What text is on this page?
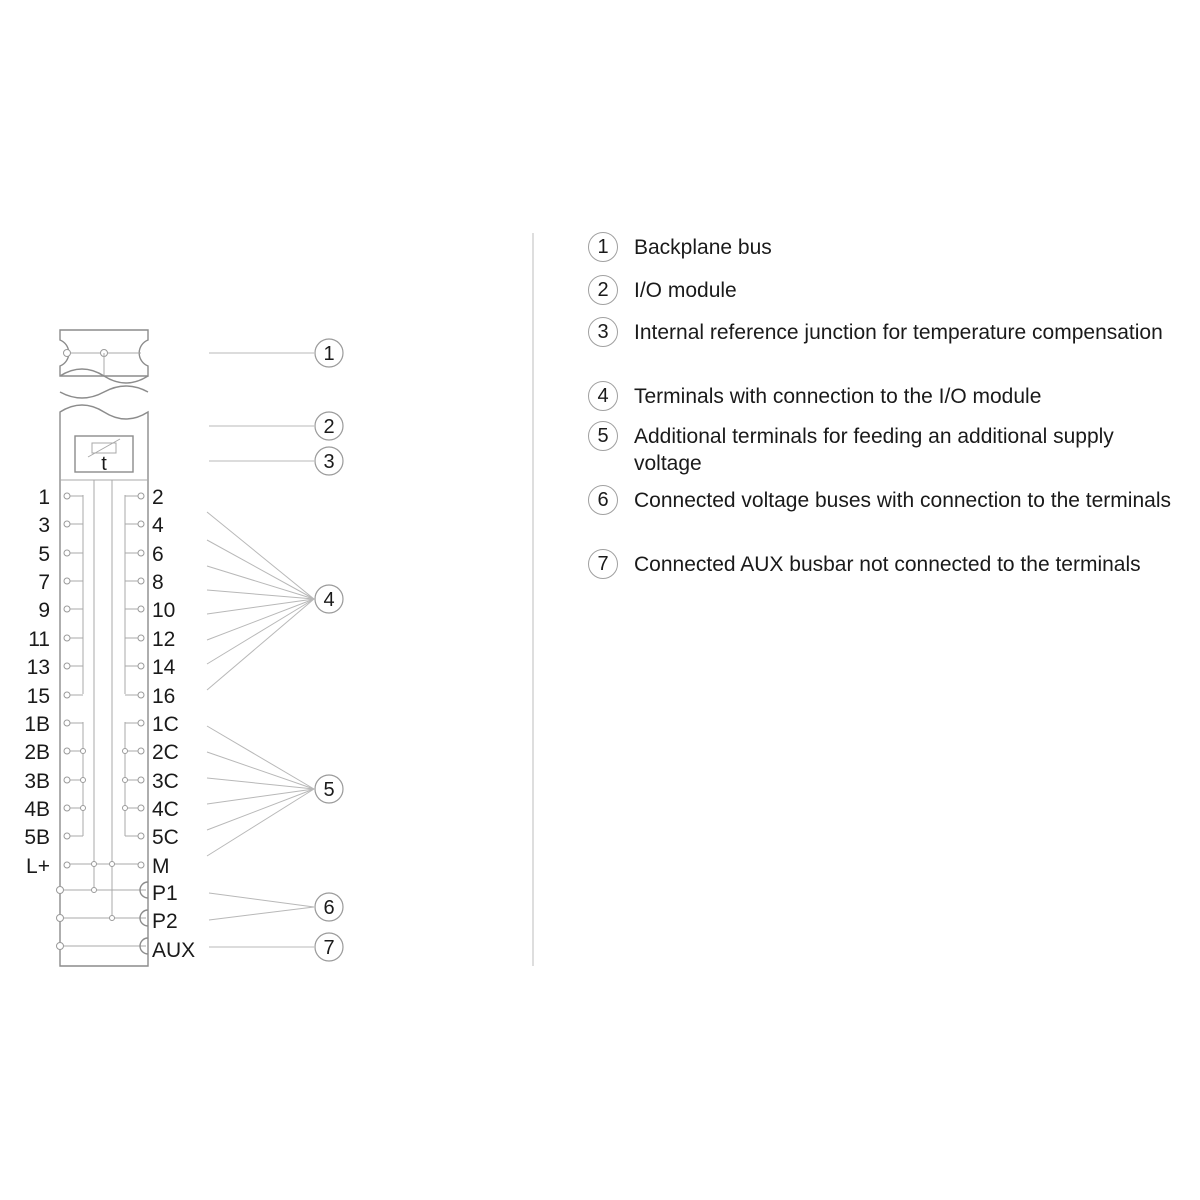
t
1
3
5
7
9
11
13
15
1B
2B
3B
4B
5B
L+
2
4
6
8
10
12
14
16
1C
2C
3C
4C
5C
M
P1
P2
AUX
1
2
3
4
5
6
7
1	Backplane bus
2	I/O module
3	Internal reference junction for temperature compensation
4	Terminals with connection to the I/O module
5	Additional terminals for feeding an additional supply voltage
6	Connected voltage buses with connection to the terminals
7	Connected AUX busbar not connected to the terminals
